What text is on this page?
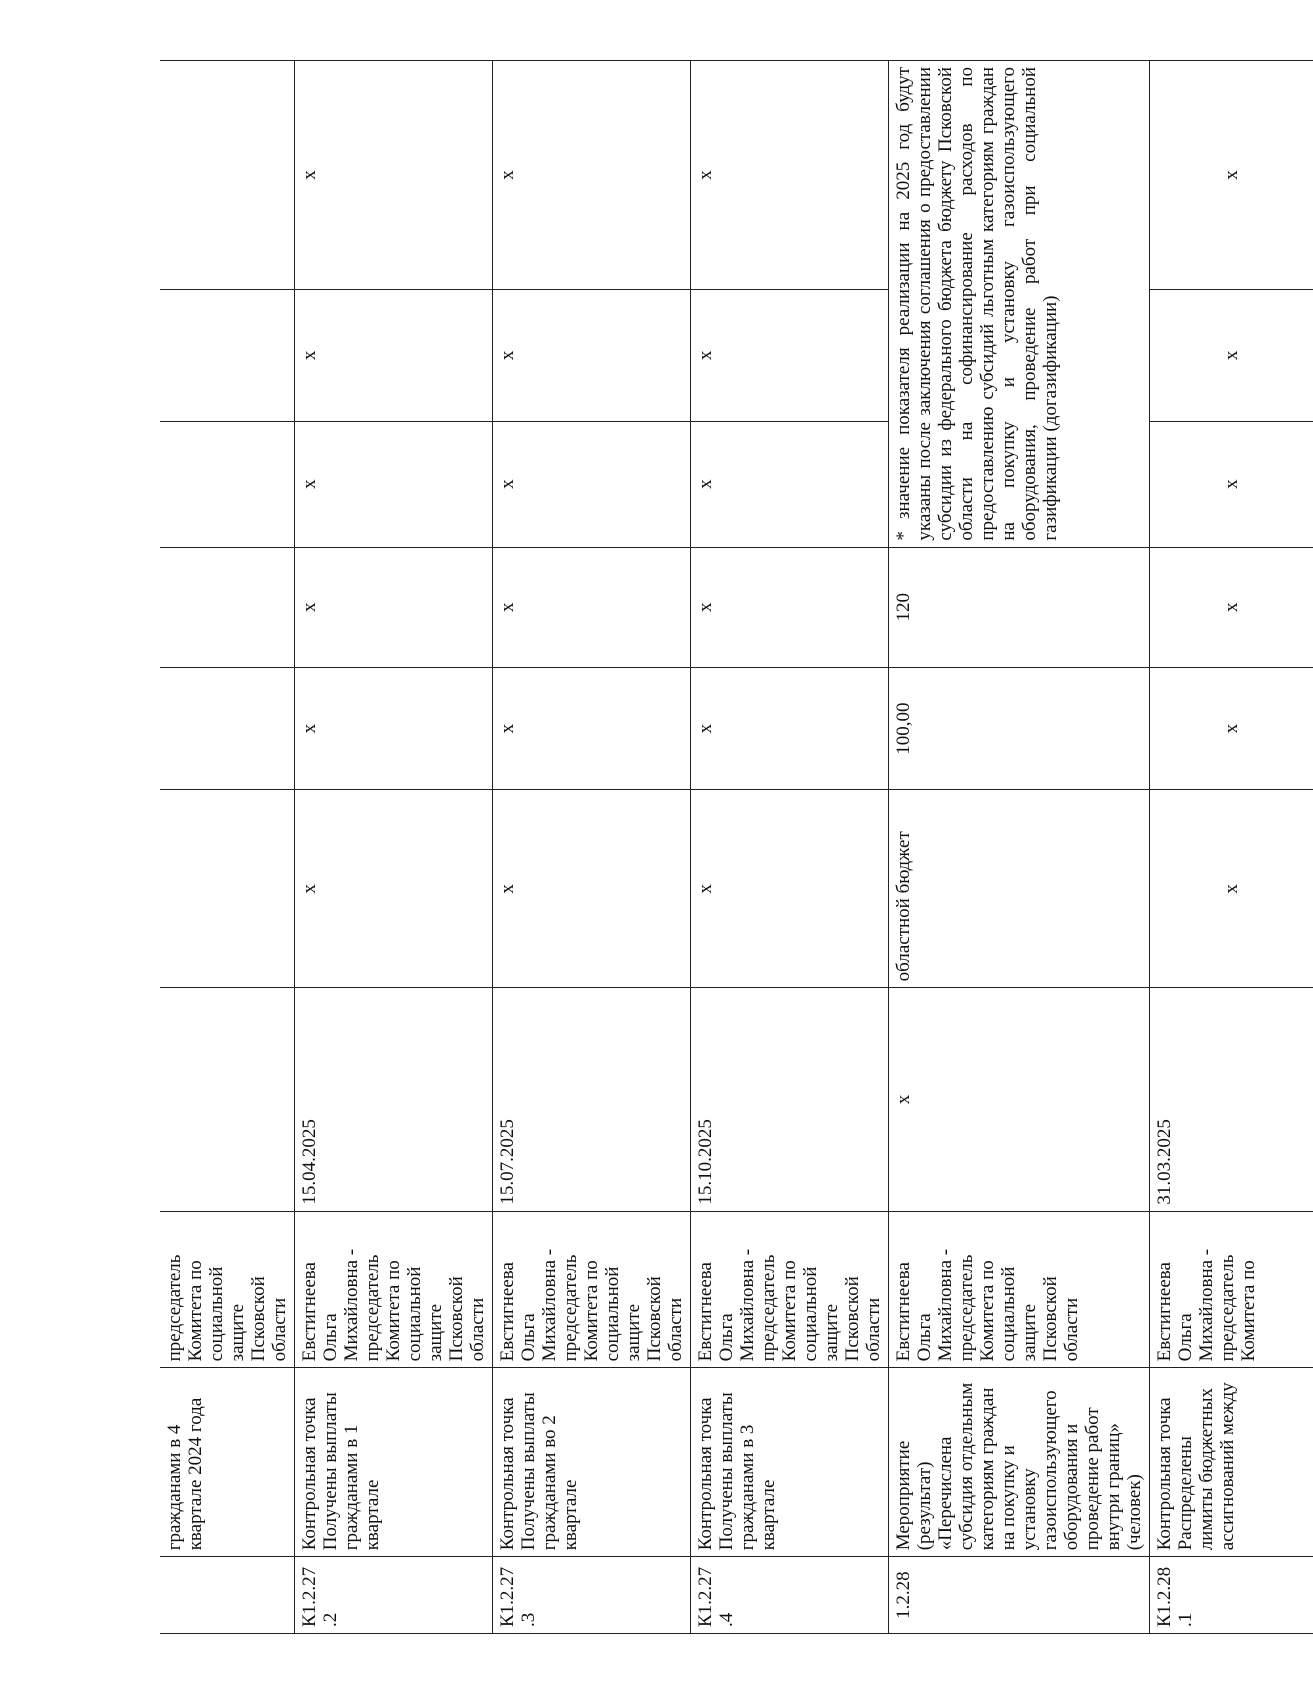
	гражданами в 4 квартале 2024 года	председатель Комитета по социальной защите Псковской области							
К1.2.27.2	Контрольная точка Получены выплаты гражданами в 1 квартале	Евстигнеева Ольга Михайловна - председатель Комитета по социальной защите Псковской области	15.04.2025	х	х	х	х	х	х
К1.2.27.3	Контрольная точка Получены выплаты гражданами во 2 квартале	Евстигнеева Ольга Михайловна - председатель Комитета по социальной защите Псковской области	15.07.2025	х	х	х	х	х	х
К1.2.27.4	Контрольная точка Получены выплаты гражданами в 3 квартале	Евстигнеева Ольга Михайловна - председатель Комитета по социальной защите Псковской области	15.10.2025	х	х	х	х	х	х
1.2.28	Мероприятие (результат) «Перечислена субсидия отдельным категориям граждан на покупку и установку газоиспользующего оборудования и проведение работ внутри границ» (человек)	Евстигнеева Ольга Михайловна - председатель Комитета по социальной защите Псковской области	х	областной бюджет	100,00	120	* значение показателя реализации на 2025 год будут указаны после заключения соглашения о предоставлении субсидии из федерального бюджета бюджету Псковской области на софинансирование расходов по предоставлению субсидий льготным категориям граждан на покупку и установку газоиспользующего оборудования, проведение работ при социальной газификации (догазификации)		
К1.2.28.1	Контрольная точка Распределены лимиты бюджетных ассигнований между	Евстигнеева Ольга Михайловна - председатель Комитета по	31.03.2025	х	х	х	х	х	х
